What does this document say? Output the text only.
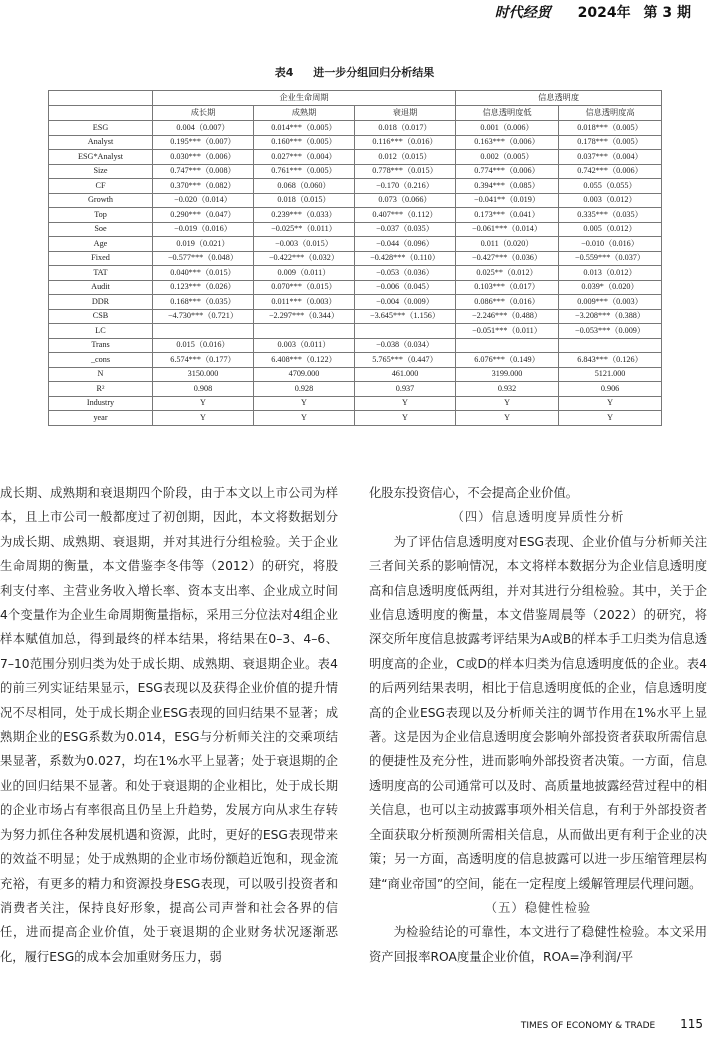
时代经贸 2024年 第 3 期
表4 进一步分组回归分析结果
	企业生命周期			信息透明度	
	成长期	成熟期	衰退期	信息透明度低	信息透明度高
ESG	0.004（0.007）	0.014***（0.005）	0.018（0.017）	0.001（0.006）	0.018***（0.005）
Analyst	0.195***（0.007）	0.160***（0.005）	0.116***（0.016）	0.163***（0.006）	0.178***（0.005）
ESG*Analyst	0.030***（0.006）	0.027***（0.004）	0.012（0.015）	0.002（0.005）	0.037***（0.004）
Size	0.747***（0.008）	0.761***（0.005）	0.778***（0.015）	0.774***（0.006）	0.742***（0.006）
CF	0.370***（0.082）	0.068（0.060）	−0.170（0.216）	0.394***（0.085）	0.055（0.055）
Growth	−0.020（0.014）	0.018（0.015）	0.073（0.066）	−0.041**（0.019）	0.003（0.012）
Top	0.290***（0.047）	0.239***（0.033）	0.407***（0.112）	0.173***（0.041）	0.335***（0.035）
Soe	−0.019（0.016）	−0.025**（0.011）	−0.037（0.035）	−0.061***（0.014）	0.005（0.012）
Age	0.019（0.021）	−0.003（0.015）	−0.044（0.096）	0.011（0.020）	−0.010（0.016）
Fixed	−0.577***（0.048）	−0.422***（0.032）	−0.428***（0.110）	−0.427***（0.036）	−0.559***（0.037）
TAT	0.040***（0.015）	0.009（0.011）	−0.053（0.036）	0.025**（0.012）	0.013（0.012）
Audit	0.123***（0.026）	0.070***（0.015）	−0.006（0.045）	0.103***（0.017）	0.039*（0.020）
DDR	0.168***（0.035）	0.011***（0.003）	−0.004（0.009）	0.086***（0.016）	0.009***（0.003）
CSB	−4.730***（0.721）	−2.297***（0.344）	−3.645***（1.156）	−2.246***（0.488）	−3.208***（0.388）
LC				−0.051***（0.011）	−0.053***（0.009）
Trans	0.015（0.016）	0.003（0.011）	−0.038（0.034）		
_cons	6.574***（0.177）	6.408***（0.122）	5.765***（0.447）	6.076***（0.149）	6.843***（0.126）
N	3150.000	4709.000	461.000	3199.000	5121.000
R²	0.908	0.928	0.937	0.932	0.906
Industry	Y	Y	Y	Y	Y
year	Y	Y	Y	Y	Y

成长期、成熟期和衰退期四个阶段，由于本文以上市公司为样本，且上市公司一般都度过了初创期，因此，本文将数据划分为成长期、成熟期、衰退期，并对其进行分组检验。关于企业生命周期的衡量，本文借鉴李冬伟等（2012）的研究，将股利支付率、主营业务收入增长率、资本支出率、企业成立时间4个变量作为企业生命周期衡量指标，采用三分位法对4组企业样本赋值加总，得到最终的样本结果，将结果在0–3、4–6、7–10范围分别归类为处于成长期、成熟期、衰退期企业。表4的前三列实证结果显示，ESG表现以及获得企业价值的提升情况不尽相同，处于成长期企业ESG表现的回归结果不显著；成熟期企业的ESG系数为0.014，ESG与分析师关注的交乘项结果显著，系数为0.027，均在1%水平上显著；处于衰退期的企业的回归结果不显著。和处于衰退期的企业相比，处于成长期的企业市场占有率很高且仍呈上升趋势，发展方向从求生存转为努力抓住各种发展机遇和资源，此时，更好的ESG表现带来的效益不明显；处于成熟期的企业市场份额趋近饱和，现金流充裕，有更多的精力和资源投身ESG表现，可以吸引投资者和消费者关注，保持良好形象，提高公司声誉和社会各界的信任，进而提高企业价值，处于衰退期的企业财务状况逐渐恶化，履行ESG的成本会加重财务压力，弱

化股东投资信心，不会提高企业价值。

（四）信息透明度异质性分析

为了评估信息透明度对ESG表现、企业价值与分析师关注三者间关系的影响情况，本文将样本数据分为企业信息透明度高和信息透明度低两组，并对其进行分组检验。其中，关于企业信息透明度的衡量，本文借鉴周晨等（2022）的研究，将深交所年度信息披露考评结果为A或B的样本手工归类为信息透明度高的企业，C或D的样本归类为信息透明度低的企业。表4的后两列结果表明，相比于信息透明度低的企业，信息透明度高的企业ESG表现以及分析师关注的调节作用在1%水平上显著。这是因为企业信息透明度会影响外部投资者获取所需信息的便捷性及充分性，进而影响外部投资者决策。一方面，信息透明度高的公司通常可以及时、高质量地披露经营过程中的相关信息，也可以主动披露事项外相关信息，有利于外部投资者全面获取分析预测所需相关信息，从而做出更有利于企业的决策；另一方面，高透明度的信息披露可以进一步压缩管理层构建“商业帝国”的空间，能在一定程度上缓解管理层代理问题。

（五）稳健性检验

为检验结论的可靠性，本文进行了稳健性检验。本文采用资产回报率ROA度量企业价值，ROA=净利润/平

TIMES OF ECONOMY & TRADE 115
